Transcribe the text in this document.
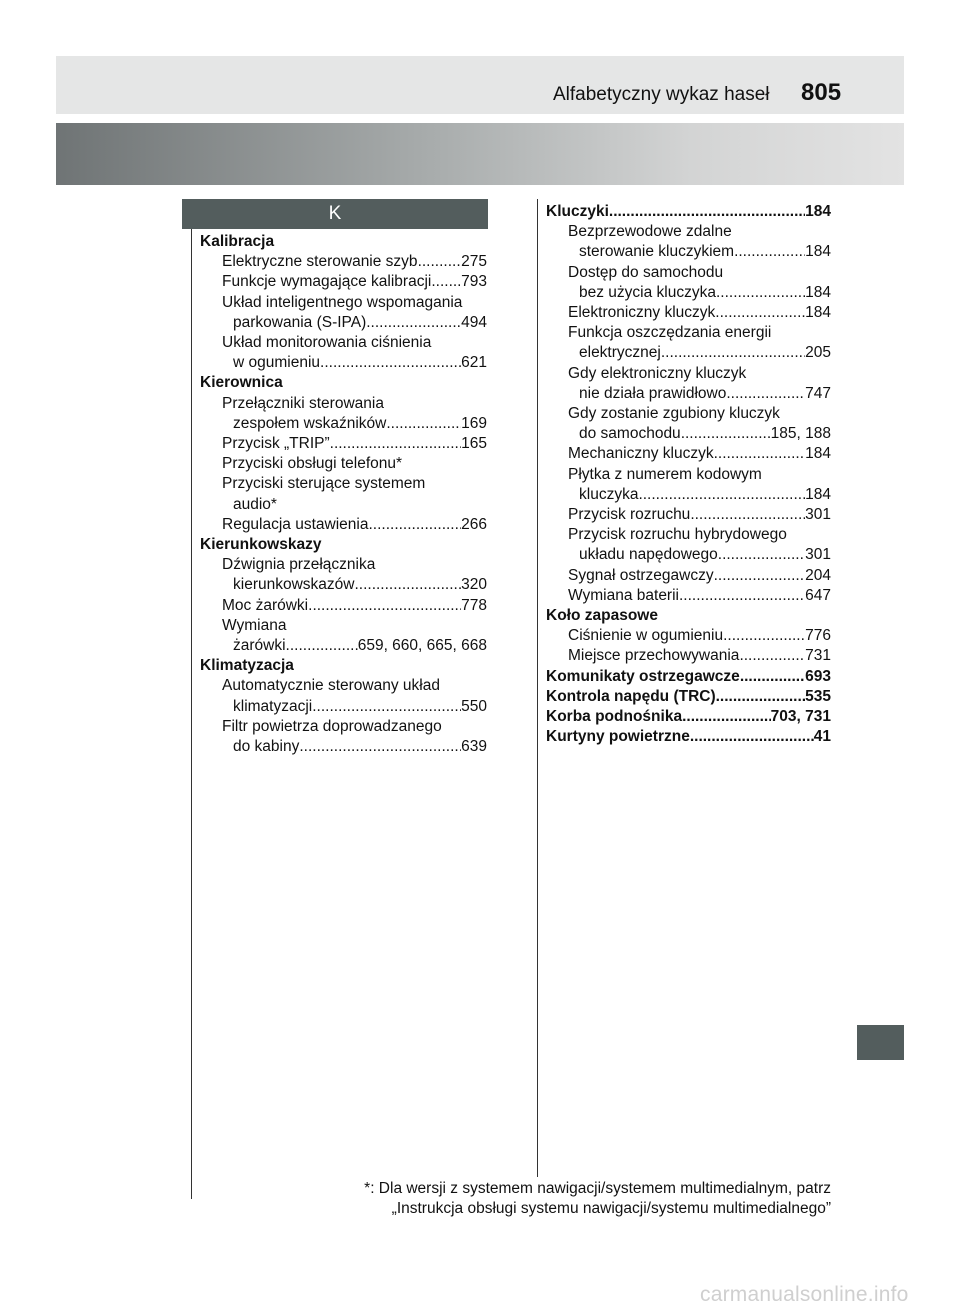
Alfabetyczny wykaz haseł 805
K
Kalibracja
Elektryczne sterowanie szyb .....	275
Funkcje wymagające kalibracji ..... 793
Układ inteligentnego wspomagania
parkowania (S-IPA) .....	494
Układ monitorowania ciśnienia
w ogumieniu .....	621
Kierownica
Przełączniki sterowania
zespołem wskaźników .....	169
Przycisk „TRIP” .....	165
Przyciski obsługi telefonu*
Przyciski sterujące systemem
audio*
Regulacja ustawienia .....	266
Kierunkowskazy
Dźwignia przełącznika
kierunkowskazów .....	320
Moc żarówki .....	778
Wymiana
żarówki .....	659, 660, 665, 668
Klimatyzacja
Automatycznie sterowany układ
klimatyzacji .....	550
Filtr powietrza doprowadzanego
do kabiny .....	639
Kluczyki .....	184
Bezprzewodowe zdalne
sterowanie kluczykiem .....	184
Dostęp do samochodu
bez użycia kluczyka .....	184
Elektroniczny kluczyk .....	184
Funkcja oszczędzania energii
elektrycznej .....	205
Gdy elektroniczny kluczyk
nie działa prawidłowo .....	747
Gdy zostanie zgubiony kluczyk
do samochodu .....	185, 188
Mechaniczny kluczyk .....	184
Płytka z numerem kodowym
kluczyka .....	184
Przycisk rozruchu .....	301
Przycisk rozruchu hybrydowego
układu napędowego .....	301
Sygnał ostrzegawczy .....	204
Wymiana baterii .....	647
Koło zapasowe
Ciśnienie w ogumieniu .....	776
Miejsce przechowywania .....	731
Komunikaty ostrzegawcze .....	693
Kontrola napędu (TRC) .....	535
Korba podnośnika .....	703, 731
Kurtyny powietrzne .....	41
*: Dla wersji z systemem nawigacji/systemem multimedialnym, patrz
„Instrukcja obsługi systemu nawigacji/systemu multimedialnego”
carmanualsonline.info
